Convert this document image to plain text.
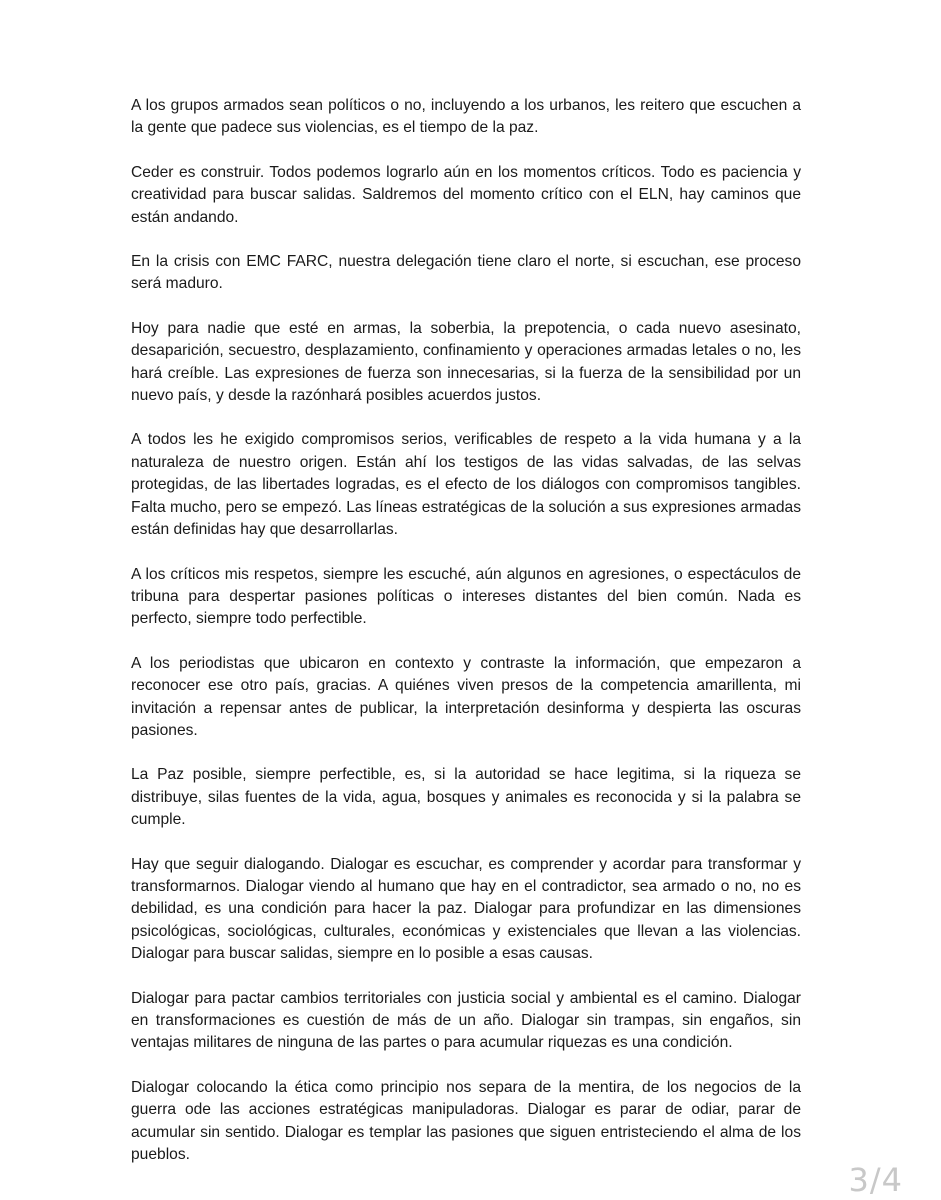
A los grupos armados sean políticos o no, incluyendo a los urbanos, les reitero que escuchen a la gente que padece sus violencias, es el tiempo de la paz.

Ceder es construir. Todos podemos lograrlo aún en los momentos críticos. Todo es paciencia y creatividad para buscar salidas. Saldremos del momento crítico con el ELN, hay caminos que están andando.

En la crisis con EMC FARC, nuestra delegación tiene claro el norte, si escuchan, ese proceso será maduro.

Hoy para nadie que esté en armas, la soberbia, la prepotencia, o cada nuevo asesinato, desaparición, secuestro, desplazamiento, confinamiento y operaciones armadas letales o no, les hará creíble. Las expresiones de fuerza son innecesarias, si la fuerza de la sensibilidad por un nuevo país, y desde la razónhará posibles acuerdos justos.

A todos les he exigido compromisos serios, verificables de respeto a la vida humana y a la naturaleza de nuestro origen. Están ahí los testigos de las vidas salvadas, de las selvas protegidas, de las libertades logradas, es el efecto de los diálogos con compromisos tangibles. Falta mucho, pero se empezó. Las líneas estratégicas de la solución a sus expresiones armadas están definidas hay que desarrollarlas.

A los críticos mis respetos, siempre les escuché, aún algunos en agresiones, o espectáculos de tribuna para despertar pasiones políticas o intereses distantes del bien común. Nada es perfecto, siempre todo perfectible.

A los periodistas que ubicaron en contexto y contraste la información, que empezaron a reconocer ese otro país, gracias. A quiénes viven presos de la competencia amarillenta, mi invitación a repensar antes de publicar, la interpretación desinforma y despierta las oscuras pasiones.

La Paz posible, siempre perfectible, es, si la autoridad se hace legitima, si la riqueza se distribuye, silas fuentes de la vida, agua, bosques y animales es reconocida y si la palabra se cumple.

Hay que seguir dialogando. Dialogar es escuchar, es comprender y acordar para transformar y transformarnos. Dialogar viendo al humano que hay en el contradictor, sea armado o no, no es debilidad, es una condición para hacer la paz. Dialogar para profundizar en las dimensiones psicológicas, sociológicas, culturales, económicas y existenciales que llevan a las violencias. Dialogar para buscar salidas, siempre en lo posible a esas causas.

Dialogar para pactar cambios territoriales con justicia social y ambiental es el camino. Dialogar en transformaciones es cuestión de más de un año. Dialogar sin trampas, sin engaños, sin ventajas militares de ninguna de las partes o para acumular riquezas es una condición.

Dialogar colocando la ética como principio nos separa de la mentira, de los negocios de la guerra ode las acciones estratégicas manipuladoras. Dialogar es parar de odiar, parar de acumular sin sentido. Dialogar es templar las pasiones que siguen entristeciendo el alma de los pueblos.

3/4
